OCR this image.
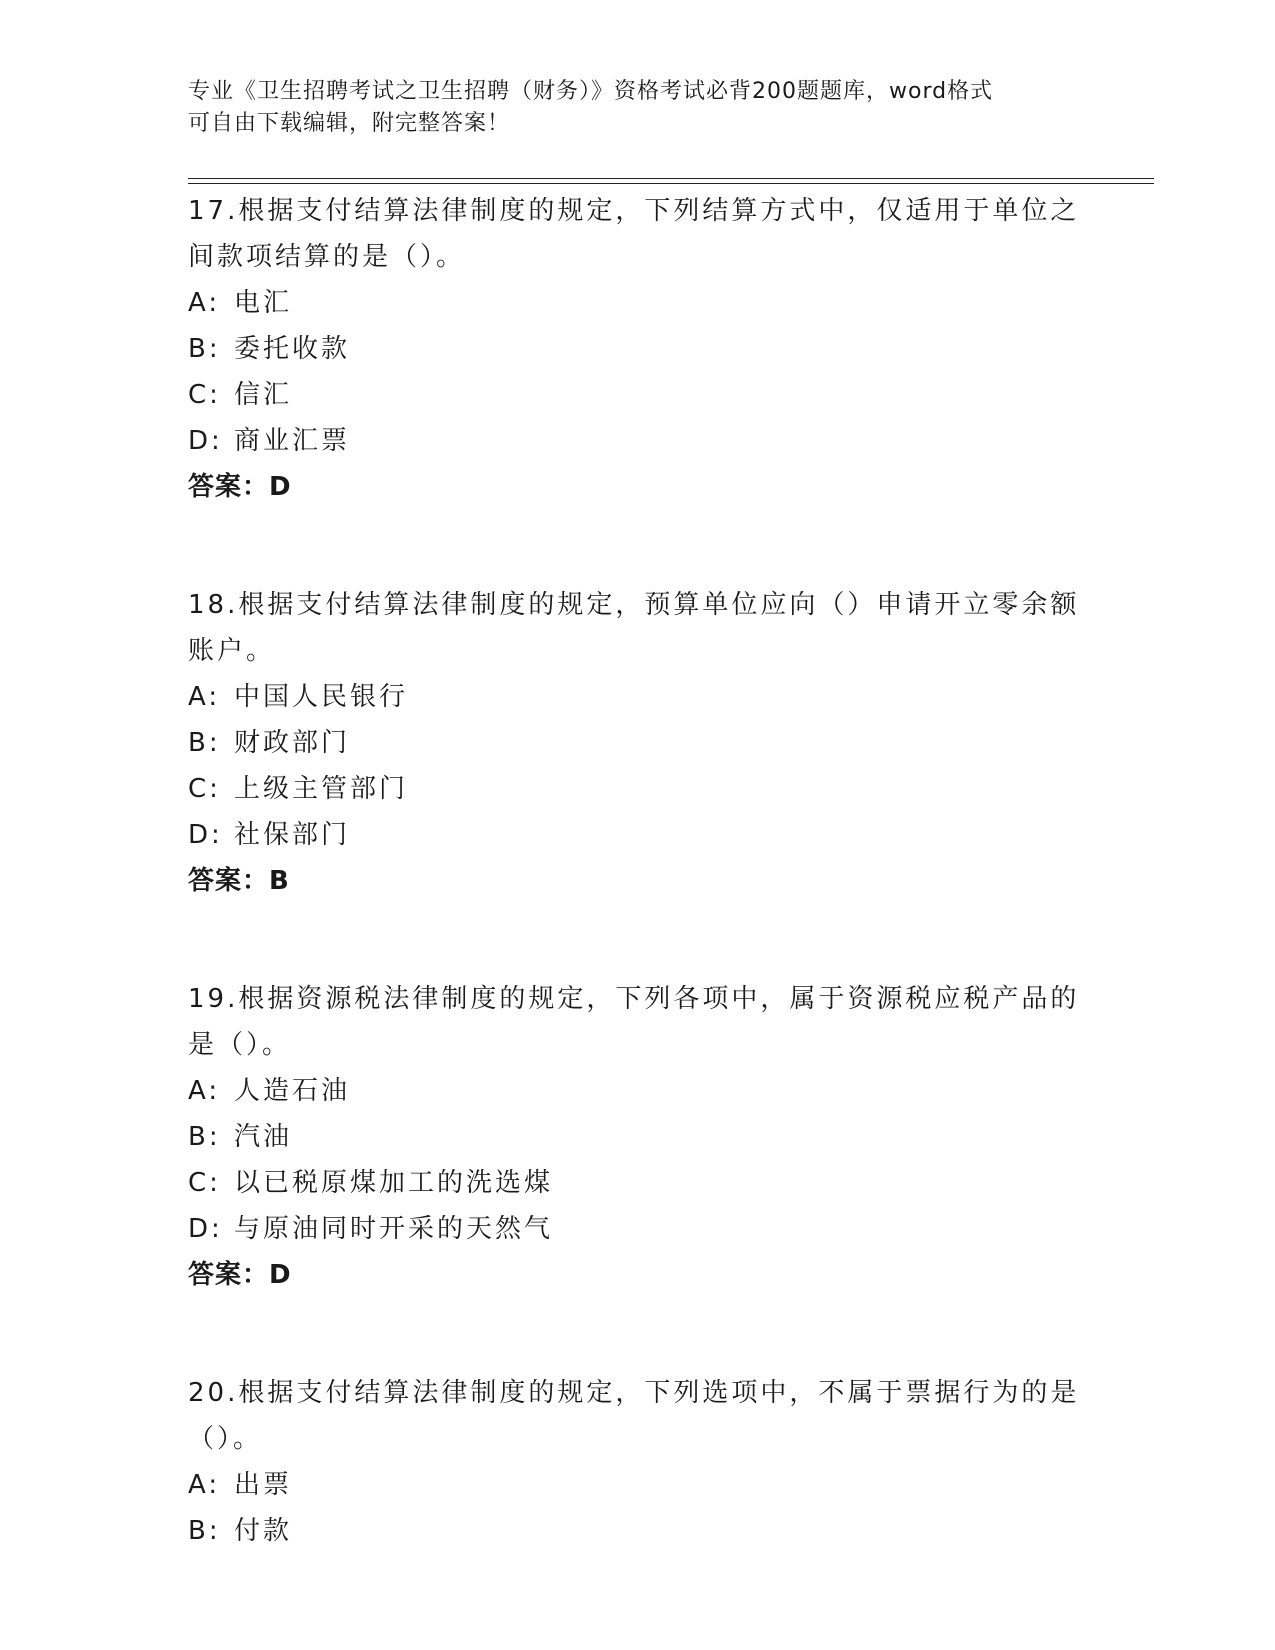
专业《卫生招聘考试之卫生招聘（财务）》资格考试必背200题题库，word格式
可自由下载编辑，附完整答案！

17.根据支付结算法律制度的规定，下列结算方式中，仅适用于单位之间款项结算的是（）。

A: 电汇

B: 委托收款

C: 信汇

D: 商业汇票

答案：D

18.根据支付结算法律制度的规定，预算单位应向（）申请开立零余额账户。

A: 中国人民银行

B: 财政部门

C: 上级主管部门

D: 社保部门

答案：B

19.根据资源税法律制度的规定，下列各项中，属于资源税应税产品的是（）。

A: 人造石油

B: 汽油

C: 以已税原煤加工的洗选煤

D: 与原油同时开采的天然气

答案：D

20.根据支付结算法律制度的规定，下列选项中，不属于票据行为的是（）。

A: 出票

B: 付款
